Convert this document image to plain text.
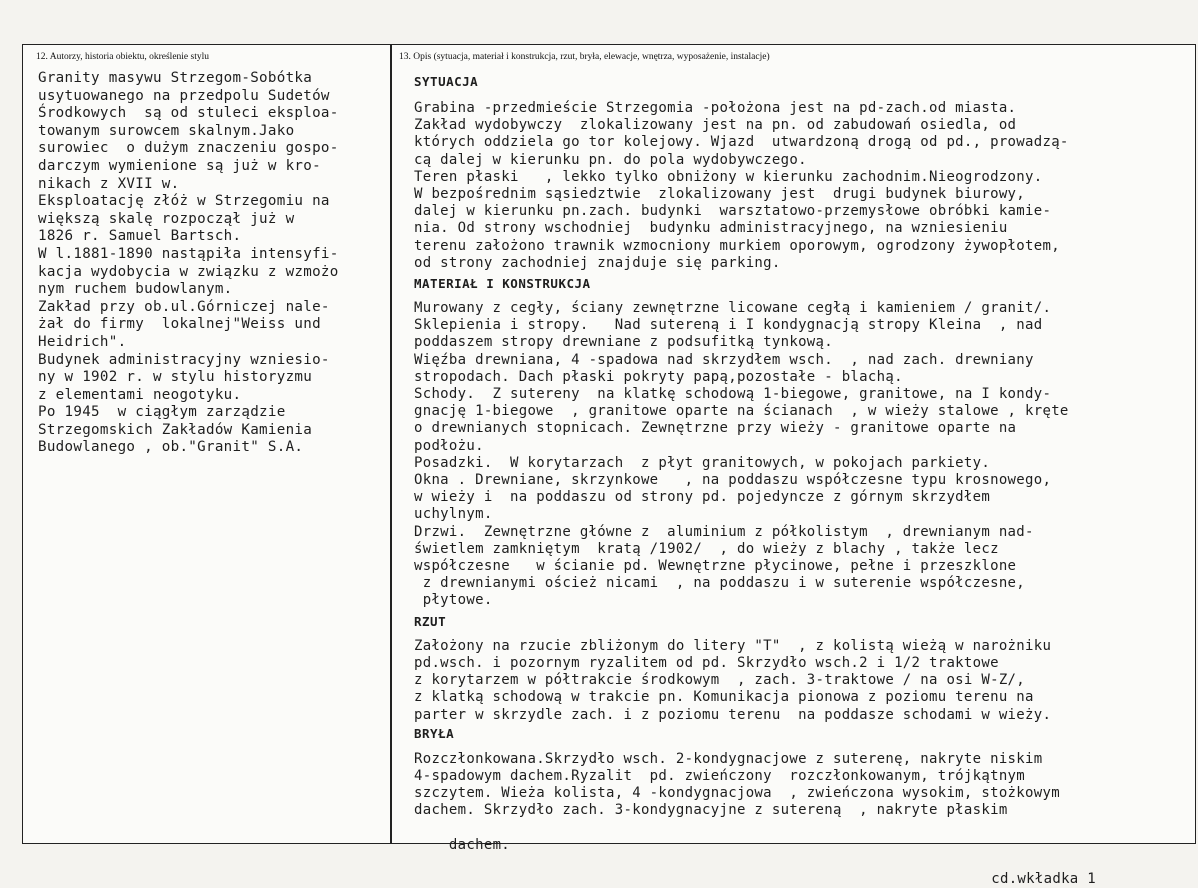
12. Autorzy, historia obiektu, określenie stylu	13. Opis (sytuacja, materiał i konstrukcja, rzut, bryła, elewacje, wnętrza, wyposażenie, instalacje)
Granity masywu Strzegom-Sobótka
usytuowanego na przedpolu Sudetów
Środkowych  są od stuleci eksploa-
towanym surowcem skalnym.Jako
surowiec  o dużym znaczeniu gospo-
darczym wymienione są już w kro-
nikach z XVII w.
Eksploatację złóż w Strzegomiu na
większą skalę rozpoczął już w
1826 r. Samuel Bartsch.
W l.1881-1890 nastąpiła intensyfi-
kacja wydobycia w związku z wzmożo
nym ruchem budowlanym.
Zakład przy ob.ul.Górniczej nale-
żał do firmy  lokalnej"Weiss und
Heidrich".
Budynek administracyjny wzniesio-
ny w 1902 r. w stylu historyzmu
z elementami neogotyku.
Po 1945  w ciągłym zarządzie
Strzegomskich Zakładów Kamienia
Budowlanego , ob."Granit" S.A.
SYTUACJA
Grabina -przedmieście Strzegomia -położona jest na pd-zach.od miasta.
Zakład wydobywczy  zlokalizowany jest na pn. od zabudowań osiedla, od
których oddziela go tor kolejowy. Wjazd  utwardzoną drogą od pd., prowadzą-
cą dalej w kierunku pn. do pola wydobywczego.
Teren płaski   , lekko tylko obniżony w kierunku zachodnim.Nieogrodzony.
W bezpośrednim sąsiedztwie  zlokalizowany jest  drugi budynek biurowy,
dalej w kierunku pn.zach. budynki  warsztatowo-przemysłowe obróbki kamie-
nia. Od strony wschodniej  budynku administracyjnego, na wzniesieniu
terenu założono trawnik wzmocniony murkiem oporowym, ogrodzony żywopłotem,
od strony zachodniej znajduje się parking.
MATERIAŁ I KONSTRUKCJA
Murowany z cegły, ściany zewnętrzne licowane cegłą i kamieniem / granit/.
Sklepienia i stropy.   Nad sutereną i I kondygnacją stropy Kleina  , nad
poddaszem stropy drewniane z podsufitką tynkową.
Więźba drewniana, 4 -spadowa nad skrzydłem wsch.  , nad zach. drewniany
stropodach. Dach płaski pokryty papą,pozostałe - blachą.
Schody.  Z sutereny  na klatkę schodową 1-biegowe, granitowe, na I kondy-
gnację 1-biegowe  , granitowe oparte na ścianach  , w wieży stalowe , kręte
o drewnianych stopnicach. Zewnętrzne przy wieży - granitowe oparte na
podłożu.
Posadzki.  W korytarzach  z płyt granitowych, w pokojach parkiety.
Okna . Drewniane, skrzynkowe   , na poddaszu współczesne typu krosnowego,
w wieży i  na poddaszu od strony pd. pojedyncze z górnym skrzydłem
uchylnym.
Drzwi.  Zewnętrzne główne z  aluminium z półkolistym  , drewnianym nad-
świetlem zamkniętym  kratą /1902/  , do wieży z blachy , także lecz
współczesne   w ścianie pd. Wewnętrzne płycinowe, pełne i przeszklone
z drewnianymi oścież nicami  , na poddaszu i w suterenie współczesne,
płytowe.
RZUT
Założony na rzucie zbliżonym do litery "T"  , z kolistą wieżą w narożniku
pd.wsch. i pozornym ryzalitem od pd. Skrzydło wsch.2 i 1/2 traktowe
z korytarzem w półtrakcie środkowym  , zach. 3-traktowe / na osi W-Z/,
z klatką schodową w trakcie pn. Komunikacja pionowa z poziomu terenu na
parter w skrzydle zach. i z poziomu terenu  na poddasze schodami w wieży.
BRYŁA
Rozczłonkowana.Skrzydło wsch. 2-kondygnacjowe z suterenę, nakryte niskim
4-spadowym dachem.Ryzalit  pd. zwieńczony  rozczłonkowanym, trójkątnym
szczytem. Wieża kolista, 4 -kondygnacjowa  , zwieńczona wysokim, stożkowym
dachem. Skrzydło zach. 3-kondygnacyjne z sutereną  , nakryte płaskim

dachem.

cd.wkładka 1
